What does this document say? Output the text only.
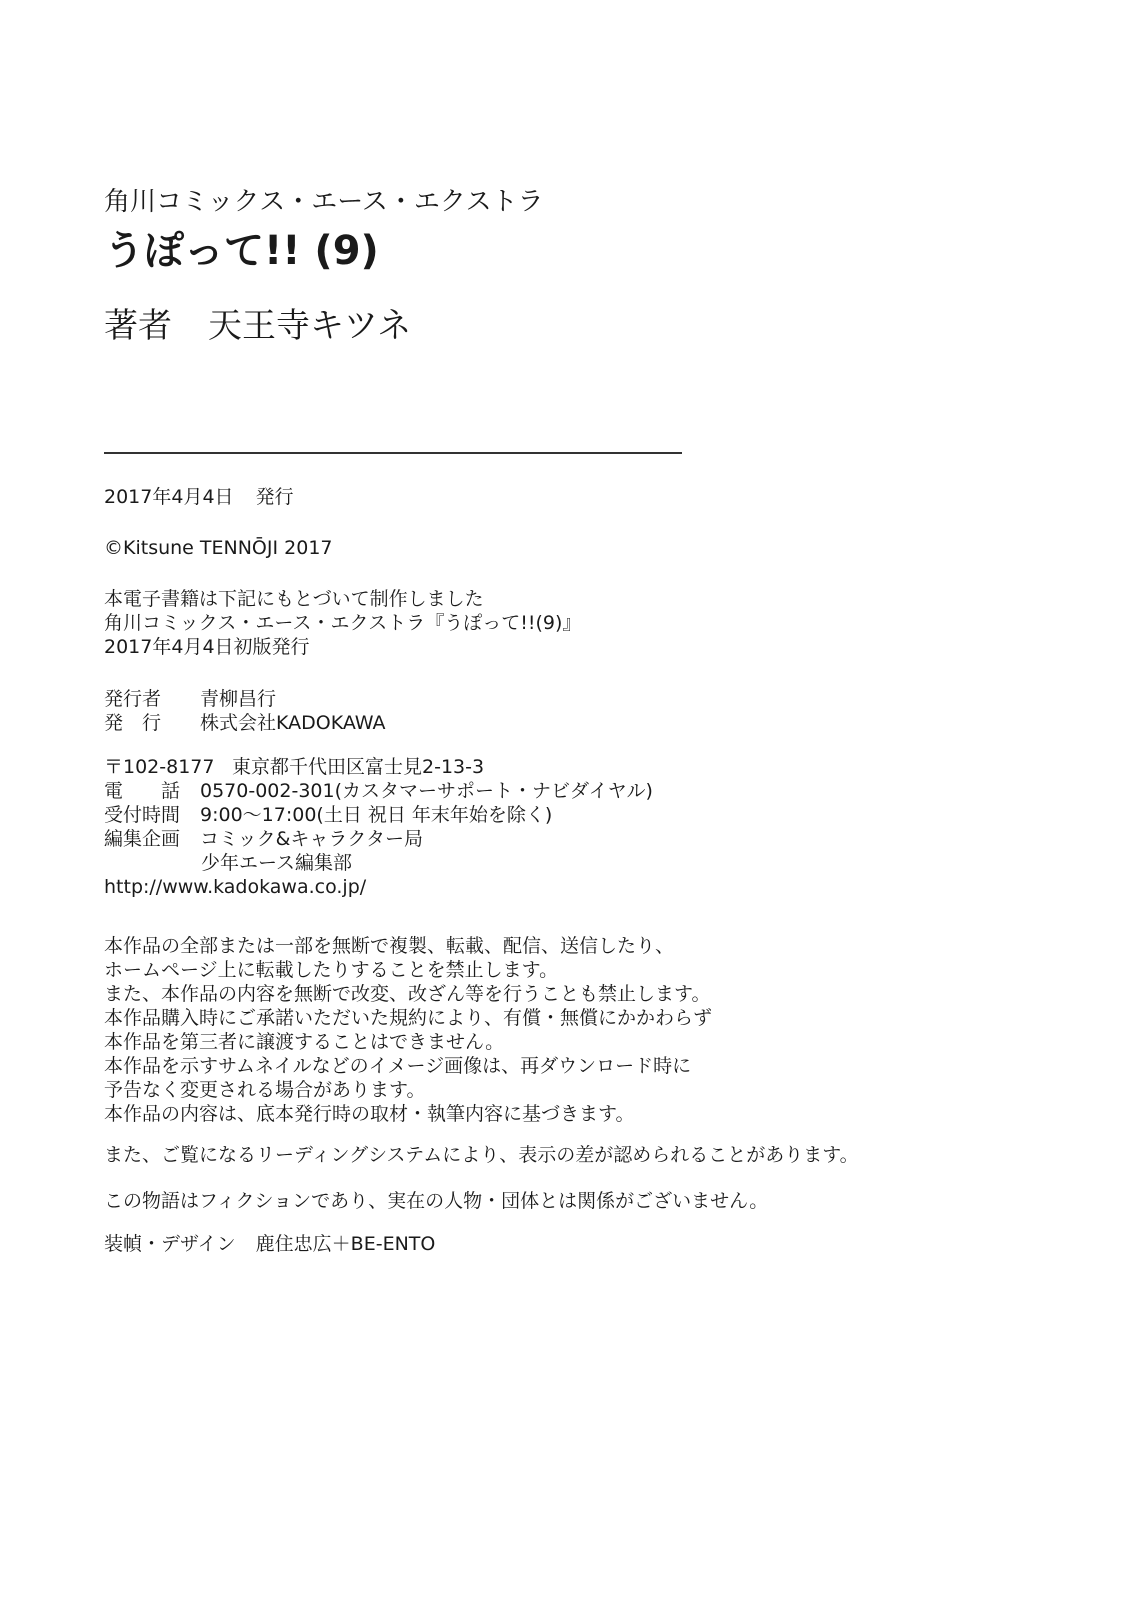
角川コミックス・エース・エクストラ
うぽって!! (9)
著者 天王寺キツネ
2017年4月4日 発行
©Kitsune TENNŌJI 2017
本電子書籍は下記にもとづいて制作しました
角川コミックス・エース・エクストラ『うぽって!!(9)』
2017年4月4日初版発行
発行者 青柳昌行
発　行 株式会社KADOKAWA
〒102-8177 東京都千代田区富士見2-13-3
電　　話 0570-002-301(カスタマーサポート・ナビダイヤル)
受付時間 9:00〜17:00(土日 祝日 年末年始を除く)
編集企画 コミック&キャラクター局
少年エース編集部
http://www.kadokawa.co.jp/
本作品の全部または一部を無断で複製、転載、配信、送信したり、
ホームページ上に転載したりすることを禁止します。
また、本作品の内容を無断で改変、改ざん等を行うことも禁止します。
本作品購入時にご承諾いただいた規約により、有償・無償にかかわらず
本作品を第三者に譲渡することはできません。
本作品を示すサムネイルなどのイメージ画像は、再ダウンロード時に
予告なく変更される場合があります。
本作品の内容は、底本発行時の取材・執筆内容に基づきます。
また、ご覧になるリーディングシステムにより、表示の差が認められることがあります。
この物語はフィクションであり、実在の人物・団体とは関係がございません。
装幀・デザイン 鹿住忠広＋BE-ENTO
